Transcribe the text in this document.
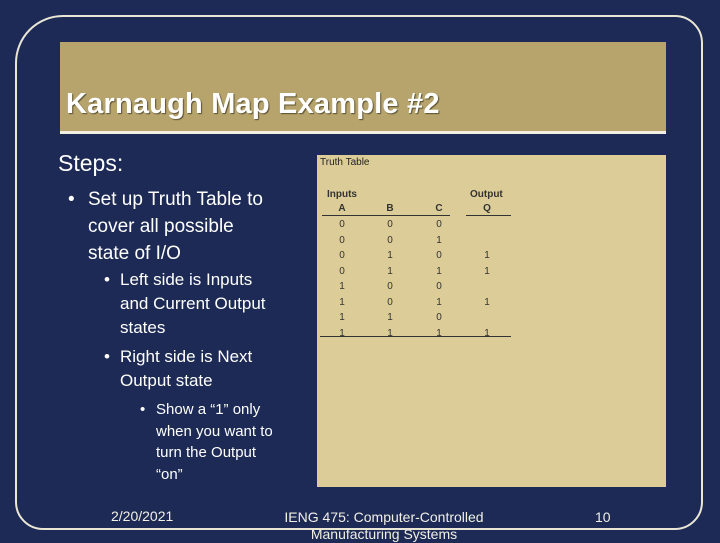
Karnaugh Map Example #2
Steps:
• Set up Truth Table to
cover all possible
state of I/O
• Left side is Inputs
and Current Output
states
• Right side is Next
Output state
• Show a “1” only
when you want to
turn the Output
“on”
Truth Table
Inputs	Output
A	B	C	Q
0	0	0
0	0	1
0	1	0	1
0	1	1	1
1	0	0
1	0	1	1
1	1	0
1	1	1	1
2/20/2021	IENG 475: Computer-Controlled
Manufacturing Systems
10
